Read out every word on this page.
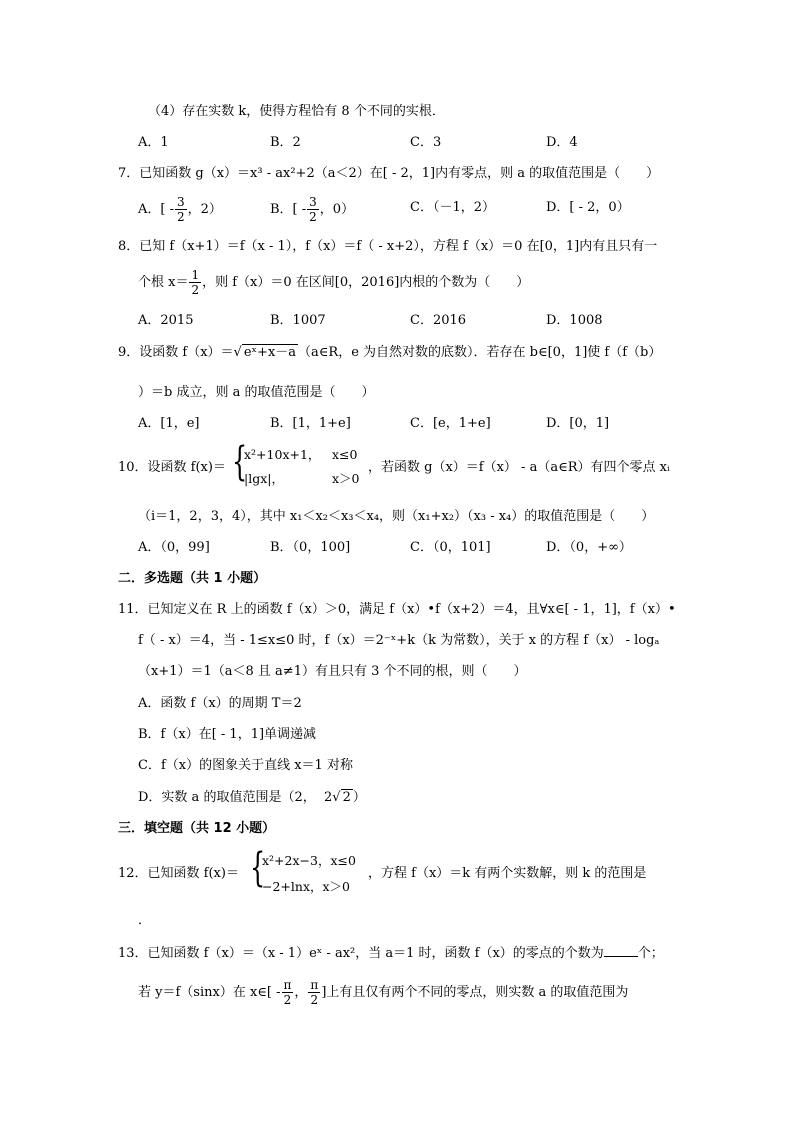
（4）存在实数 k，使得方程恰有 8 个不同的实根．
A．1	B．2	C．3	D．4
7．已知函数 g（x）＝x³ - ax²+2（a＜2）在[ - 2，1]内有零点，则 a 的取值范围是（　　）
A．[ - $\frac{3}{2}$ ，2）	B．[ - $\frac{3}{2}$ ，0）	C．（－1，2）	D．[ - 2，0）
8．已知 f（x+1）＝f（x - 1），f（x）＝f（ - x+2），方程 f（x）＝0 在[0，1]内有且只有一
个根 $x= \frac{1}{2}$ ，则 f（x）＝0 在区间[0，2016]内根的个数为（　　）
A．2015	B．1007	C．2016	D．1008
9．设函数 f（x）＝√ eˣ+x－a （a∈R，e 为自然对数的底数）．若存在 b∈[0，1]使 f（f（b）
）＝b 成立，则 a 的取值范围是（　　）
A．[1，e]	B．[1，1+e]	C．[e，1+e]	D．[0，1]
10．设函数 f(x)＝ {
x²+10x+1， x≤0
|lgx|，	x＞0
，若函数 g（x）＝f（x） - a（a∈R）有四个零点 xᵢ
（i＝1，2，3，4），其中 x₁＜x₂＜x₃＜x₄，则（x₁+x₂）（x₃ - x₄）的取值范围是（　　）
A．（0，99]	B．（0，100]	C．（0，101]	D．（0，+∞）
二．多选题（共 1 小题）
11．已知定义在 R 上的函数 f（x）＞0，满足 f（x）•f（x+2）＝4，且∀x∈[ - 1，1]，f（x）•
f（ - x）＝4，当 - 1≤x≤0 时，f（x）＝2⁻ˣ+k（k 为常数），关于 x 的方程 f（x） - logₐ
（x+1）＝1（a＜8 且 a≠1）有且只有 3 个不同的根，则（　　）
A．函数 f（x）的周期 T＝2
B．f（x）在[ - 1，1]单调递减
C．f（x）的图象关于直线 x＝1 对称
D．实数 a 的取值范围是（2， 2√ 2 ）
三．填空题（共 12 小题）
12．已知函数 f(x)＝ {
x²+2x−3，x≤0
−2+lnx，x＞0
，方程 f（x）＝k 有两个实数解，则 k 的范围是
．
13．已知函数 f（x）＝（x - 1）eˣ - ax²，当 a＝1 时，函数 f（x）的零点的个数为	个；
若 y＝f（sinx）在 x∈[ - $\frac{\pi}{2}$ ， $\frac{\pi}{2}$ ]上有且仅有两个不同的零点，则实数 a 的取值范围为
